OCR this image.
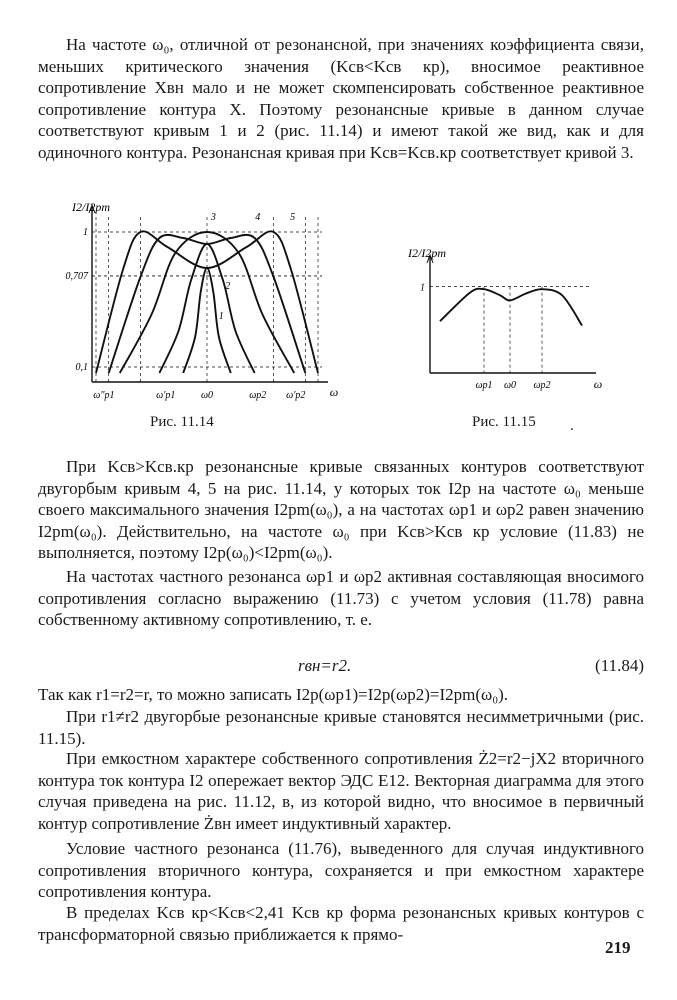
На частоте ω₀, отличной от резонансной, при значениях коэффициента связи, меньших критического значения (Kсв<Kсв кр), вносимое реактивное сопротивление Xвн мало и не может скомпенсировать собственное реактивное сопротивление контура X. Поэтому резонансные кривые в данном случае соответствуют кривым 1 и 2 (рис. 11.14) и имеют такой же вид, как и для одиночного контура. Резонансная кривая при Kсв=Kсв.кр соответствует кривой 3.

1
0,707
0,1
ω″p1	ω′p1	ω0	ωp2 ω′p2 ω
I2/I2pm
1
2
3	4	5
Рис. 11.14
1
ωp1 ω0 ωp2	ω
I2/I2pm
Рис. 11.15 .

При Kсв>Kсв.кр резонансные кривые связанных контуров соответствуют двугорбым кривым 4, 5 на рис. 11.14, у которых ток I2р на частоте ω₀ меньше своего максимального значения I2pm(ω₀), а на частотах ωр1 и ωр2 равен значению I2pm(ω₀). Действительно, на частоте ω₀ при Kсв>Kсв кр условие (11.83) не выполняется, поэтому I2р(ω₀)<I2pm(ω₀).

На частотах частного резонанса ωр1 и ωр2 активная составляющая вносимого сопротивления согласно выражению (11.73) с учетом условия (11.78) равна собственному активному сопротивлению, т. е.

rвн=r2.	(11.84)

Так как r1=r2=r, то можно записать I2р(ωр1)=I2р(ωр2)=I2pm(ω₀).

При r1≠r2 двугорбые резонансные кривые становятся несимметричными (рис. 11.15).

При емкостном характере собственного сопротивления Ż2=r2−jX2 вторичного контура ток контура I2 опережает вектор ЭДС E12. Векторная диаграмма для этого случая приведена на рис. 11.12, в, из которой видно, что вносимое в первичный контур сопротивление Żвн имеет индуктивный характер.

Условие частного резонанса (11.76), выведенного для случая индуктивного сопротивления вторичного контура, сохраняется и при емкостном характере сопротивления контура.

В пределах Kсв кр<Kсв<2,41 Kсв кр форма резонансных кривых контуров с трансформаторной связью приближается к прямо-

219
